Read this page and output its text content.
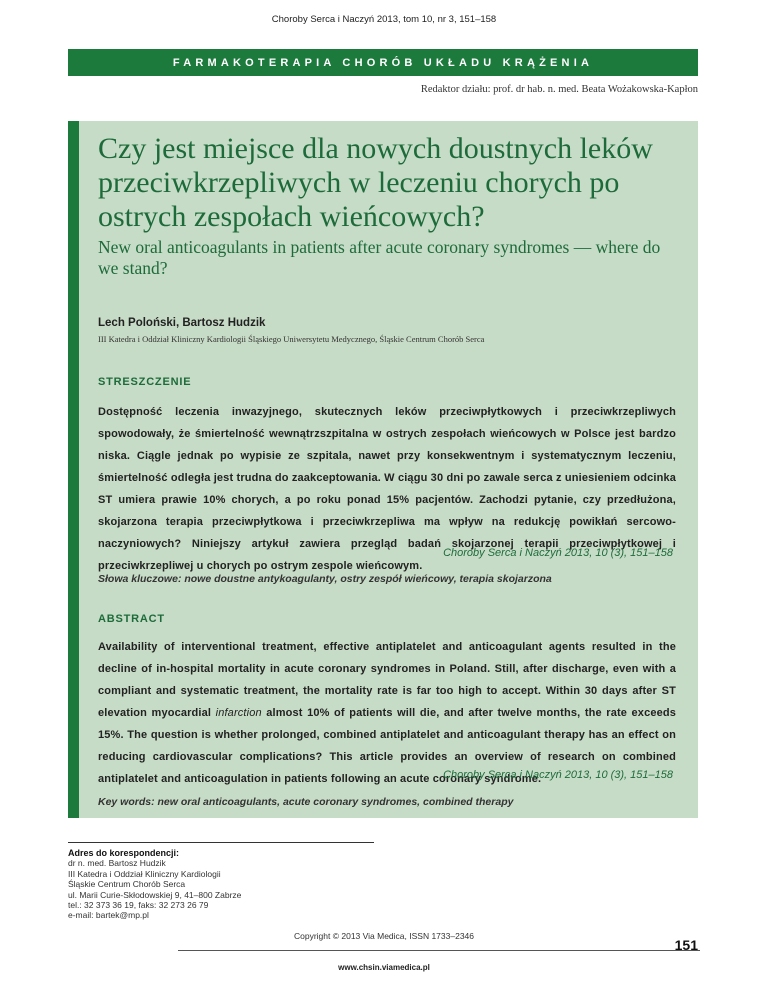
Choroby Serca i Naczyń 2013, tom 10, nr 3, 151–158
FARMAKOTERAPIA CHORÓB UKŁADU KRĄŻENIA
Redaktor działu: prof. dr hab. n. med. Beata Wożakowska-Kapłon
Czy jest miejsce dla nowych doustnych leków przeciwkrzepliwych w leczeniu chorych po ostrych zespołach wieńcowych?
New oral anticoagulants in patients after acute coronary syndromes — where do we stand?
Lech Poloński, Bartosz Hudzik
III Katedra i Oddział Kliniczny Kardiologii Śląskiego Uniwersytetu Medycznego, Śląskie Centrum Chorób Serca
STRESZCZENIE

Dostępność leczenia inwazyjnego, skutecznych leków przeciwpłytkowych i przeciwkrzepliwych spowodowały, że śmiertelność wewnątrzszpitalna w ostrych zespołach wieńcowych w Polsce jest bardzo niska. Ciągle jednak po wypisie ze szpitala, nawet przy konsekwentnym i systematycznym leczeniu, śmiertelność odległa jest trudna do zaakceptowania. W ciągu 30 dni po zawale serca z uniesieniem odcinka ST umiera prawie 10% chorych, a po roku ponad 15% pacjentów. Zachodzi pytanie, czy przedłużona, skojarzona terapia przeciwpłytkowa i przeciwkrzepliwa ma wpływ na redukcję powikłań sercowo-naczyniowych? Niniejszy artykuł zawiera przegląd badań skojarzonej terapii przeciwpłytkowej i przeciwkrzepliwej u chorych po ostrym zespole wieńcowym.

Choroby Serca i Naczyń 2013, 10 (3), 151–158
Słowa kluczowe: nowe doustne antykoagulanty, ostry zespół wieńcowy, terapia skojarzona
ABSTRACT

Availability of interventional treatment, effective antiplatelet and anticoagulant agents resulted in the decline of in-hospital mortality in acute coronary syndromes in Poland. Still, after discharge, even with a compliant and systematic treatment, the mortality rate is far too high to accept. Within 30 days after ST elevation myocardial infarction almost 10% of patients will die, and after twelve months, the rate exceeds 15%. The question is whether prolonged, combined antiplatelet and anticoagulant therapy has an effect on reducing cardiovascular complications? This article provides an overview of research on combined antiplatelet and anticoagulation in patients following an acute coronary syndrome.

Choroby Serca i Naczyń 2013, 10 (3), 151–158
Key words: new oral anticoagulants, acute coronary syndromes, combined therapy
Adres do korespondencji:
dr n. med. Bartosz Hudzik
III Katedra i Oddział Kliniczny Kardiologii
Śląskie Centrum Chorób Serca
ul. Marii Curie-Skłodowskiej 9, 41–800 Zabrze
tel.: 32 373 36 19, faks: 32 273 26 79
e-mail: bartek@mp.pl
Copyright © 2013 Via Medica, ISSN 1733–2346
151
www.chsin.viamedica.pl
